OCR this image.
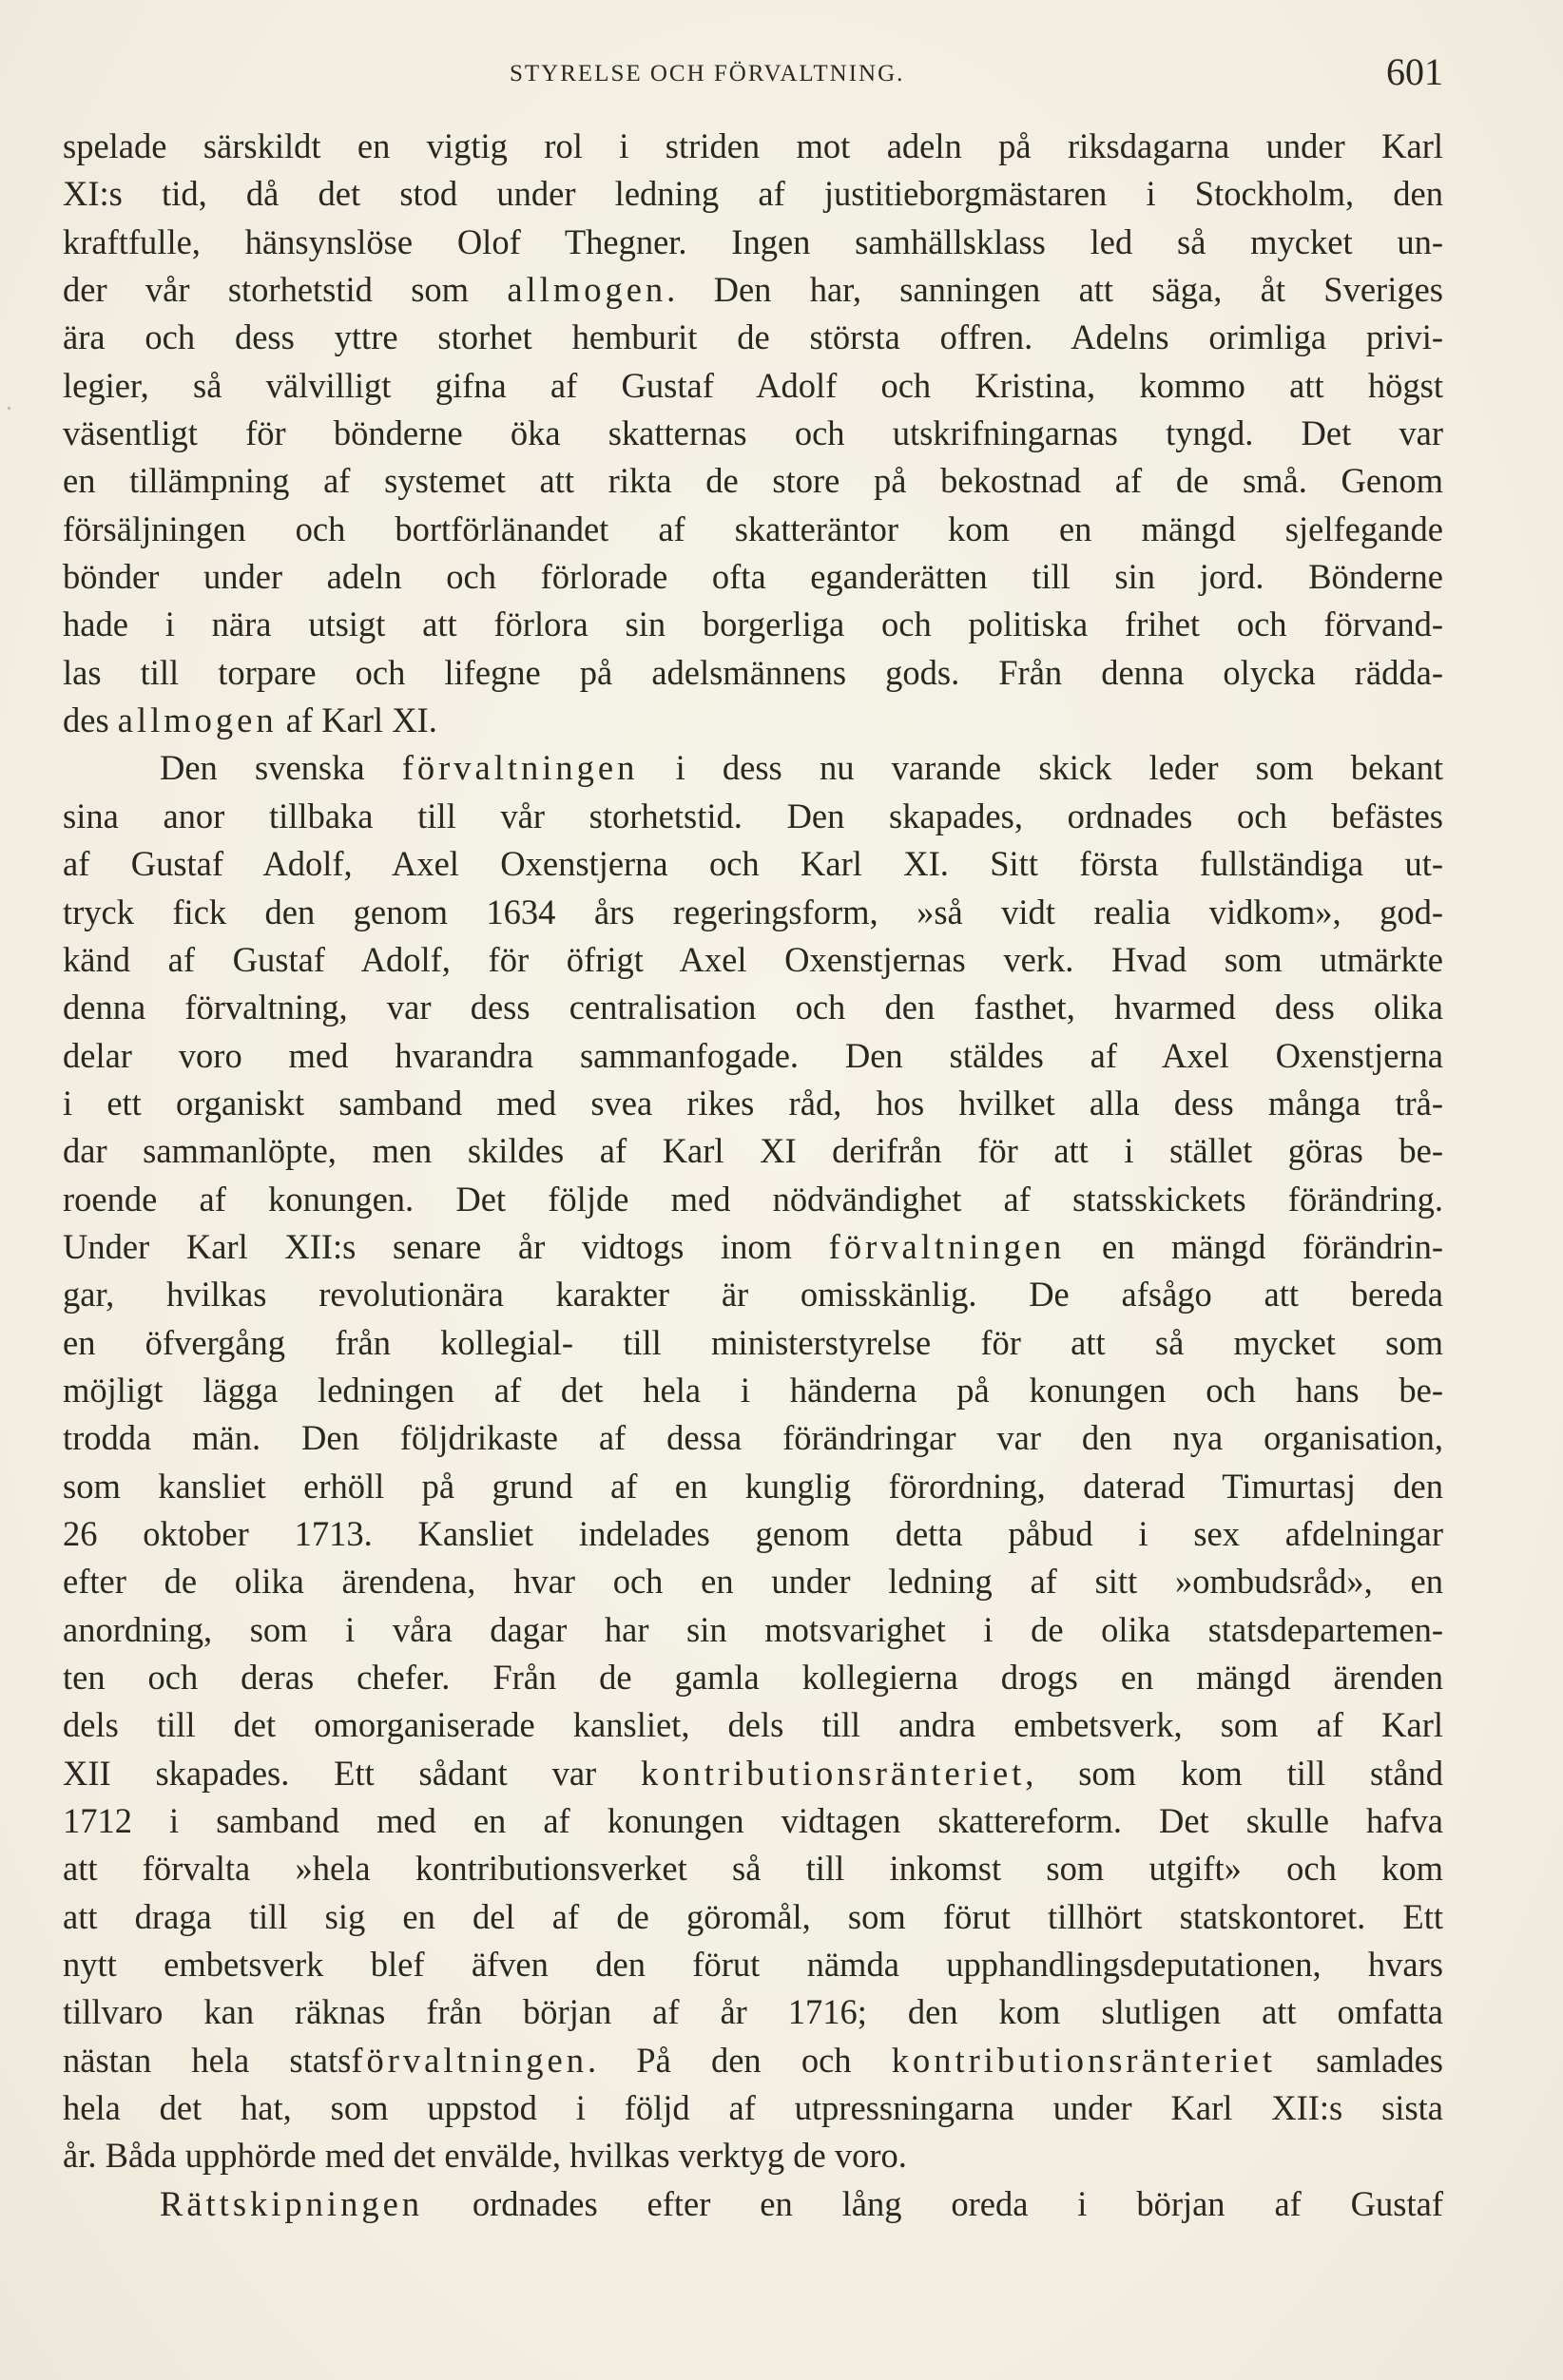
STYRELSE OCH FÖRVALTNING.	601
spelade särskildt en vigtig rol i striden mot adeln på riksdagarna under Karl
XI:s tid, då det stod under ledning af justitieborgmästaren i Stockholm, den
kraftfulle, hänsynslöse Olof Thegner. Ingen samhällsklass led så mycket un-
der vår storhetstid som allmogen. Den har, sanningen att säga, åt Sveriges
ära och dess yttre storhet hemburit de största offren. Adelns orimliga privi-
legier, så välvilligt gifna af Gustaf Adolf och Kristina, kommo att högst
väsentligt för bönderne öka skatternas och utskrifningarnas tyngd. Det var
en tillämpning af systemet att rikta de store på bekostnad af de små. Genom
försäljningen och bortförlänandet af skatteräntor kom en mängd sjelfegande
bönder under adeln och förlorade ofta eganderätten till sin jord. Bönderne
hade i nära utsigt att förlora sin borgerliga och politiska frihet och förvand-
las till torpare och lifegne på adelsmännens gods. Från denna olycka rädda-
des allmogen af Karl XI.
Den svenska förvaltningen i dess nu varande skick leder som bekant
sina anor tillbaka till vår storhetstid. Den skapades, ordnades och befästes
af Gustaf Adolf, Axel Oxenstjerna och Karl XI. Sitt första fullständiga ut-
tryck fick den genom 1634 års regeringsform, »så vidt realia vidkom», god-
känd af Gustaf Adolf, för öfrigt Axel Oxenstjernas verk. Hvad som utmärkte
denna förvaltning, var dess centralisation och den fasthet, hvarmed dess olika
delar voro med hvarandra sammanfogade. Den stäldes af Axel Oxenstjerna
i ett organiskt samband med svea rikes råd, hos hvilket alla dess många trå-
dar sammanlöpte, men skildes af Karl XI derifrån för att i stället göras be-
roende af konungen. Det följde med nödvändighet af statsskickets förändring.
Under Karl XII:s senare år vidtogs inom förvaltningen en mängd förändrin-
gar, hvilkas revolutionära karakter är omisskänlig. De afsågo att bereda
en öfvergång från kollegial- till ministerstyrelse för att så mycket som
möjligt lägga ledningen af det hela i händerna på konungen och hans be-
trodda män. Den följdrikaste af dessa förändringar var den nya organisation,
som kansliet erhöll på grund af en kunglig förordning, daterad Timurtasj den
26 oktober 1713. Kansliet indelades genom detta påbud i sex afdelningar
efter de olika ärendena, hvar och en under ledning af sitt »ombudsråd», en
anordning, som i våra dagar har sin motsvarighet i de olika statsdepartemen-
ten och deras chefer. Från de gamla kollegierna drogs en mängd ärenden
dels till det omorganiserade kansliet, dels till andra embetsverk, som af Karl
XII skapades. Ett sådant var kontributionsränteriet, som kom till stånd
1712 i samband med en af konungen vidtagen skattereform. Det skulle hafva
att förvalta »hela kontributionsverket så till inkomst som utgift» och kom
att draga till sig en del af de göromål, som förut tillhört statskontoret. Ett
nytt embetsverk blef äfven den förut nämda upphandlingsdeputationen, hvars
tillvaro kan räknas från början af år 1716; den kom slutligen att omfatta
nästan hela statsförvaltningen. På den och kontributionsränteriet samlades
hela det hat, som uppstod i följd af utpressningarna under Karl XII:s sista
år. Båda upphörde med det envälde, hvilkas verktyg de voro.
Rättskipningen ordnades efter en lång oreda i början af Gustaf
